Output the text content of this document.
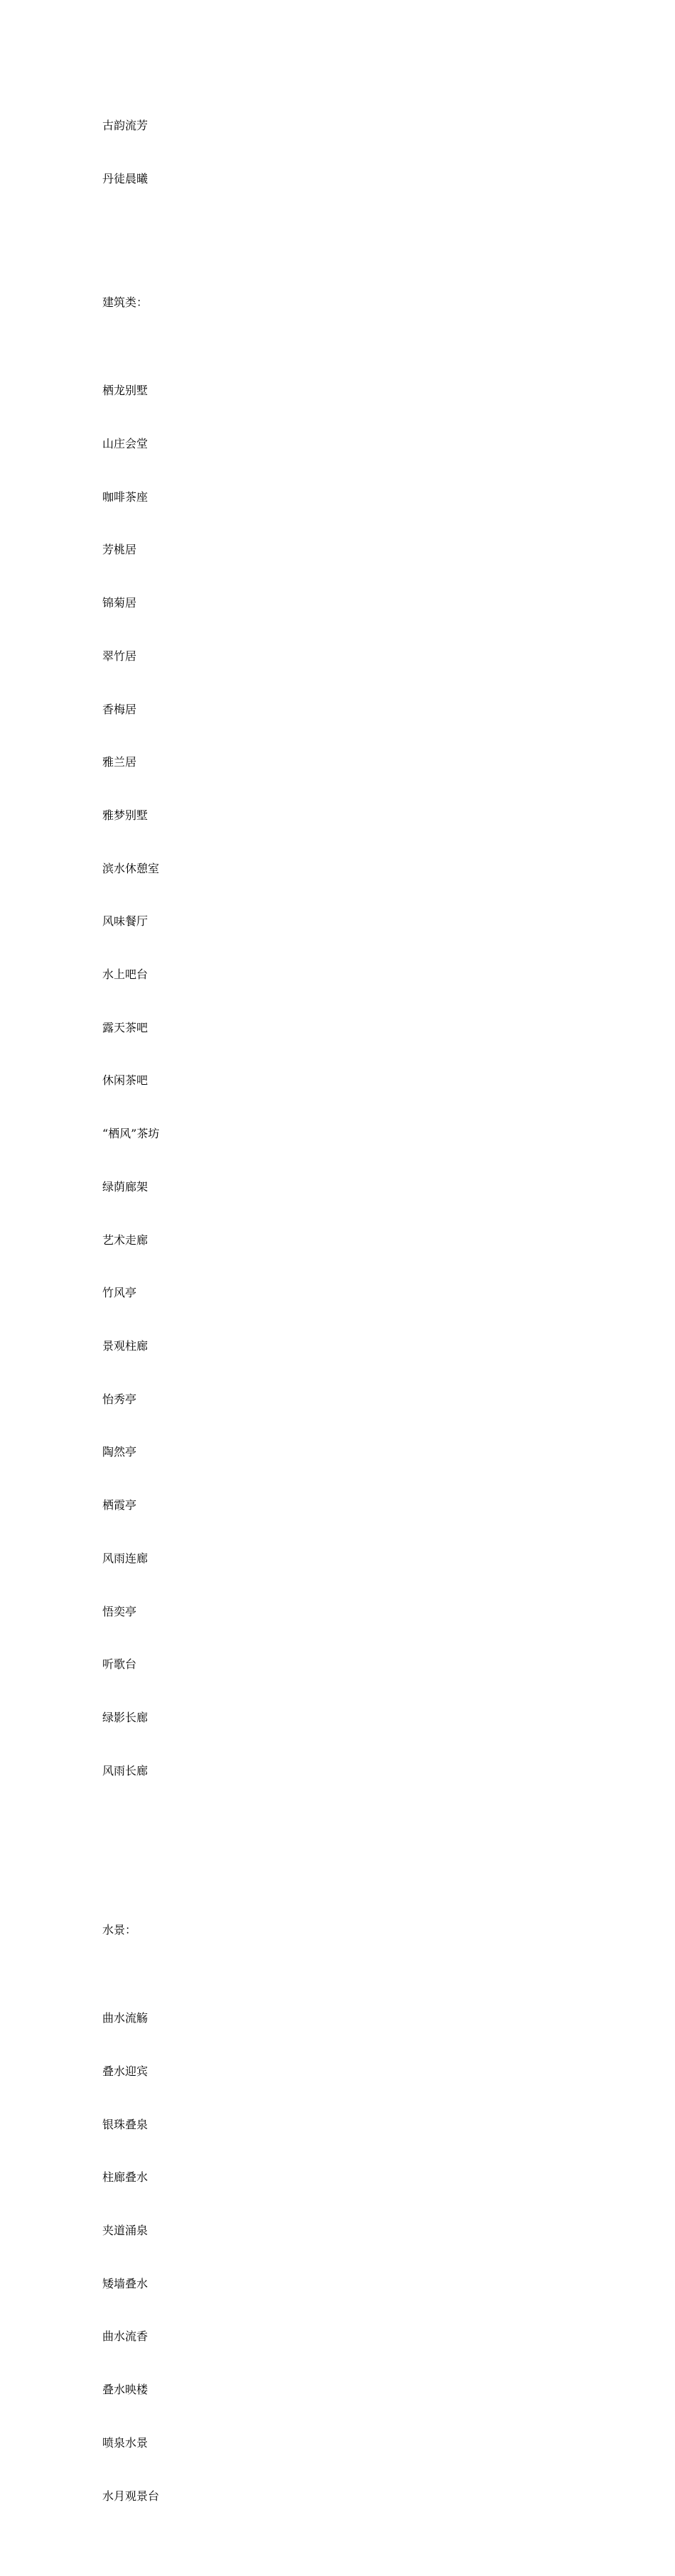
古韵流芳

丹徒晨曦

建筑类：

栖龙别墅

山庄会堂

咖啡茶座

芳桃居

锦菊居

翠竹居

香梅居

雅兰居

雅梦别墅

滨水休憩室

风味餐厅

水上吧台

露天茶吧

休闲茶吧

“栖风”茶坊

绿荫廊架

艺术走廊

竹风亭

景观柱廊

怡秀亭

陶然亭

栖霞亭

风雨连廊

悟奕亭

听歌台

绿影长廊

风雨长廊

水景：

曲水流觞

叠水迎宾

银珠叠泉

柱廊叠水

夹道涌泉

矮墙叠水

曲水流香

叠水映楼

喷泉水景

水月观景台
